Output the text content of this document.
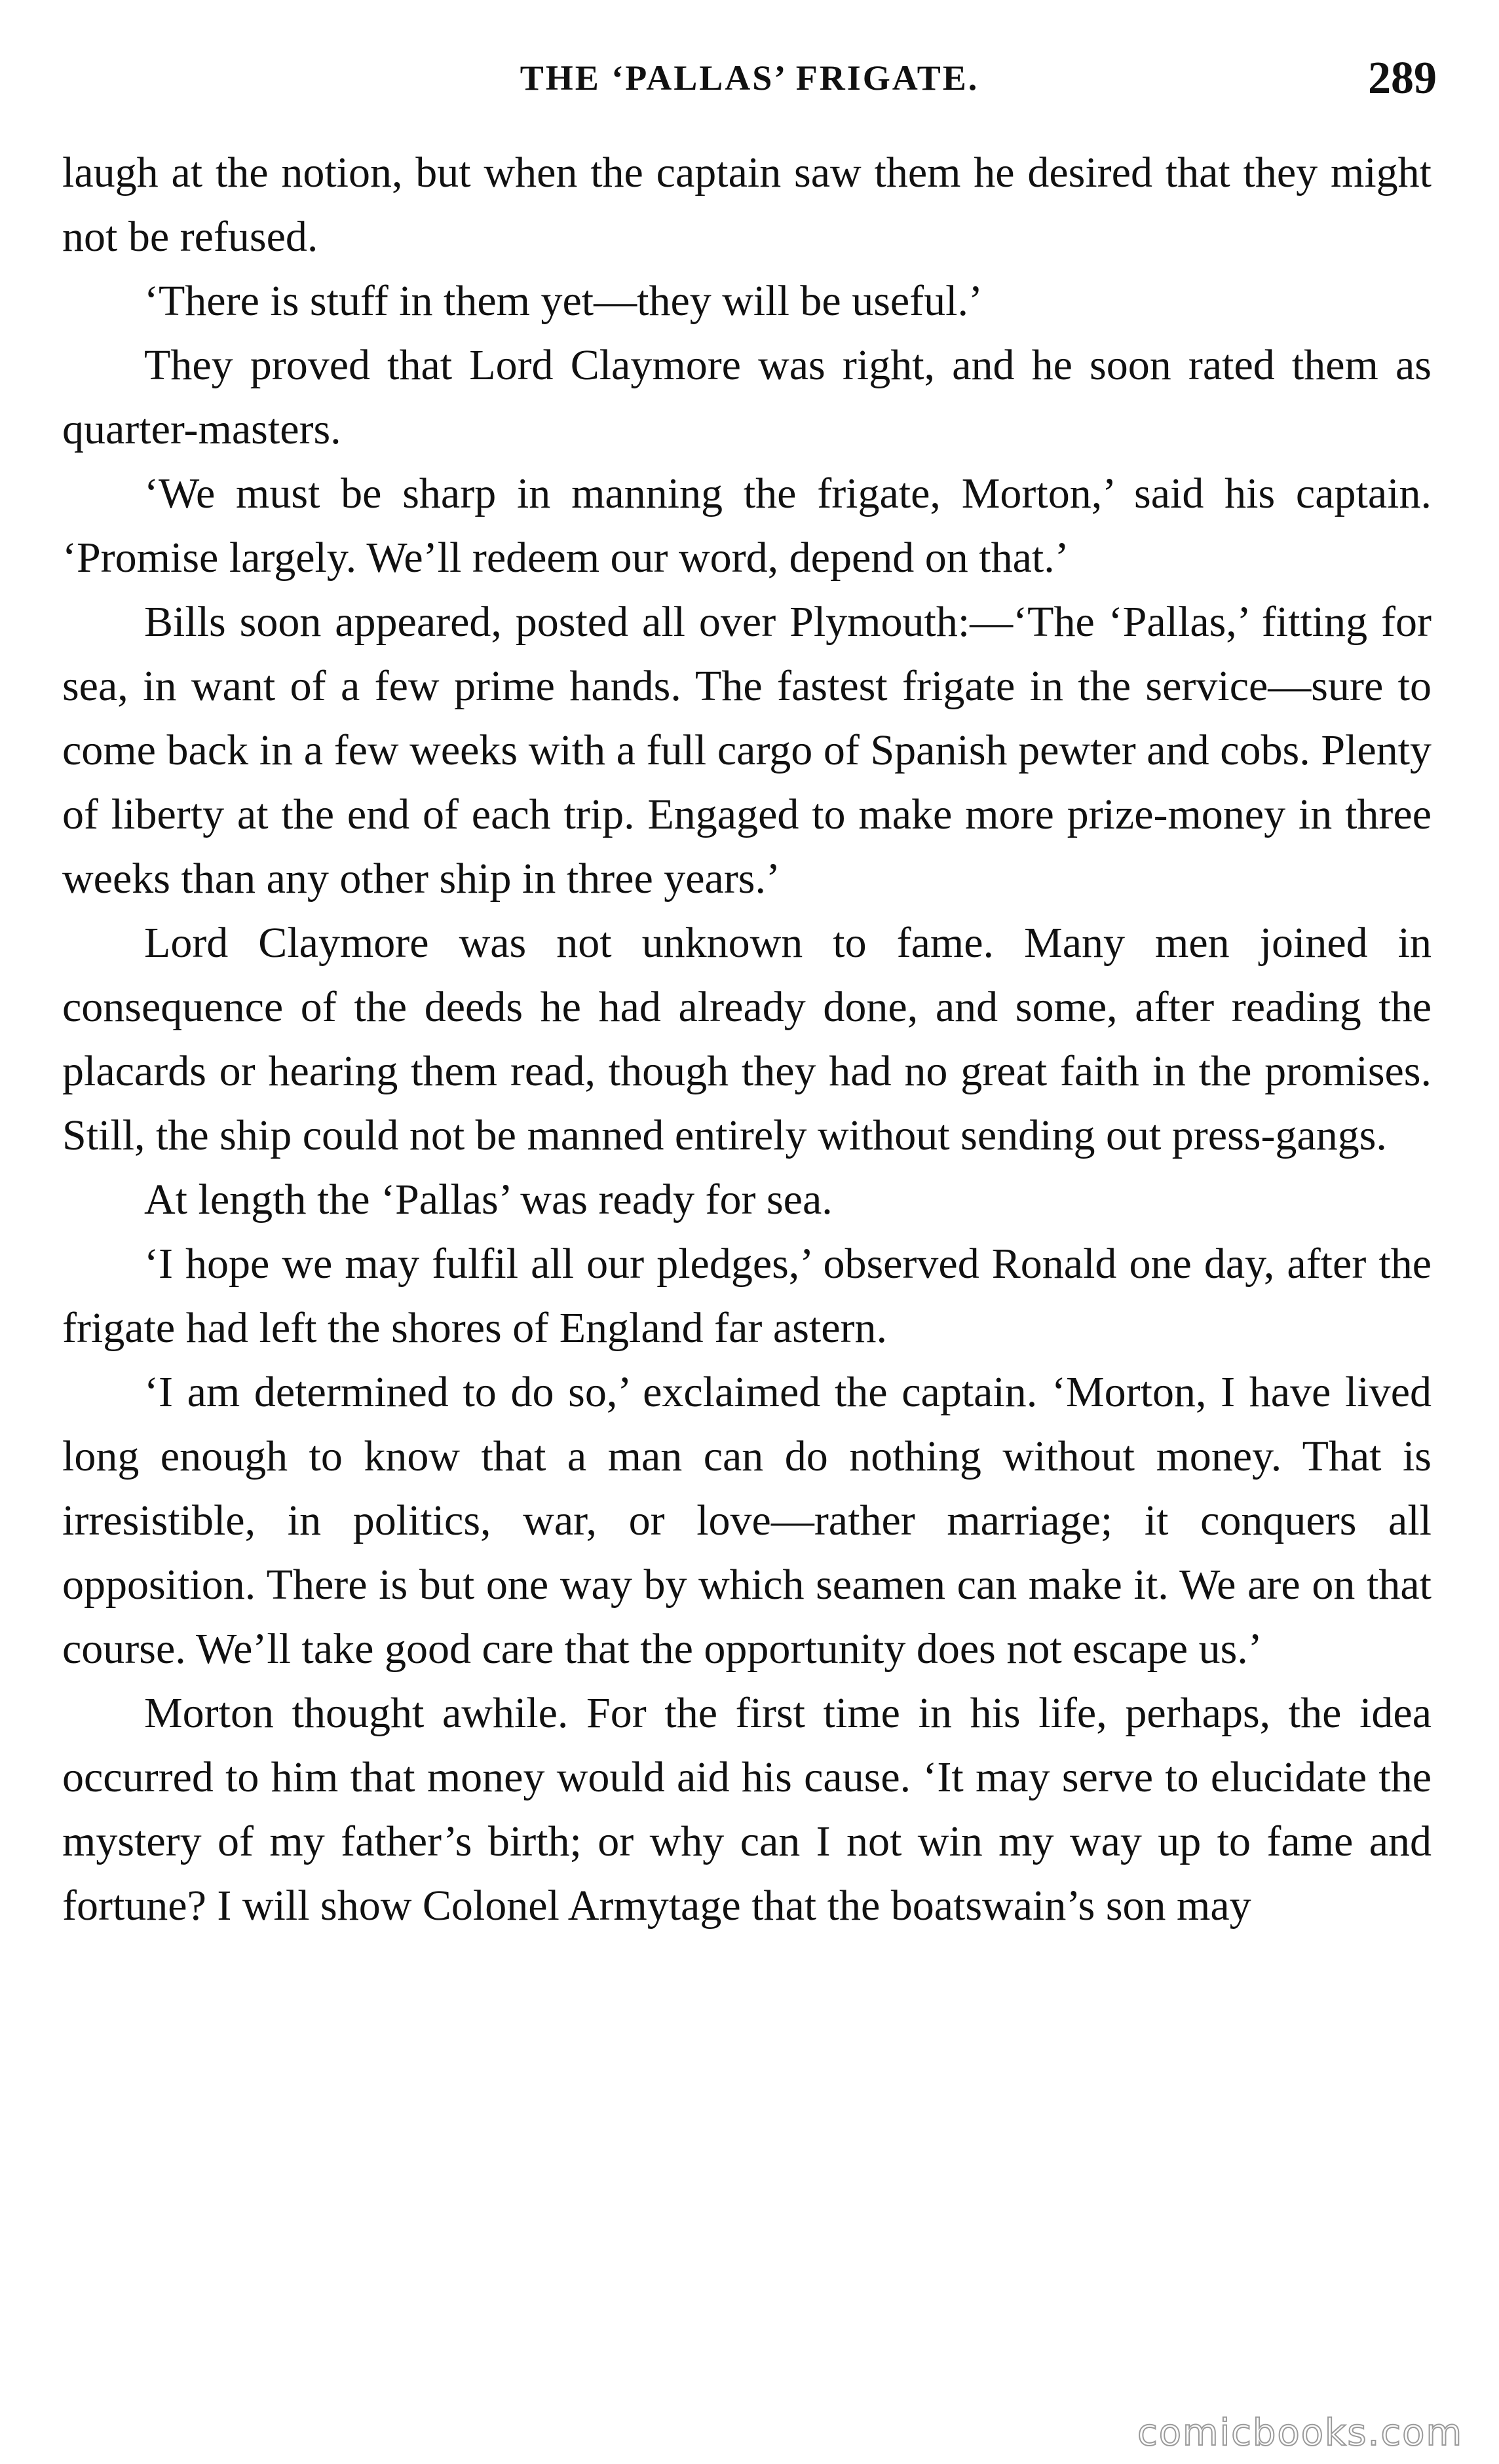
THE ‘PALLAS’ FRIGATE.	289

laugh at the notion, but when the captain saw them he desired that they might not be refused.

‘There is stuff in them yet—they will be useful.’

They proved that Lord Claymore was right, and he soon rated them as quarter-masters.

‘We must be sharp in manning the frigate, Morton,’ said his captain. ‘Promise largely. We’ll redeem our word, depend on that.’

Bills soon appeared, posted all over Plymouth:—‘The ‘Pallas,’ fitting for sea, in want of a few prime hands. The fastest frigate in the service—sure to come back in a few weeks with a full cargo of Spanish pewter and cobs. Plenty of liberty at the end of each trip. Engaged to make more prize-money in three weeks than any other ship in three years.’

Lord Claymore was not unknown to fame. Many men joined in consequence of the deeds he had already done, and some, after reading the placards or hearing them read, though they had no great faith in the promises. Still, the ship could not be manned entirely without sending out press-gangs.

At length the ‘Pallas’ was ready for sea.

‘I hope we may fulfil all our pledges,’ observed Ronald one day, after the frigate had left the shores of England far astern.

‘I am determined to do so,’ exclaimed the captain. ‘Morton, I have lived long enough to know that a man can do nothing without money. That is irresistible, in politics, war, or love—rather marriage; it conquers all opposition. There is but one way by which seamen can make it. We are on that course. We’ll take good care that the opportunity does not escape us.’

Morton thought awhile. For the first time in his life, perhaps, the idea occurred to him that money would aid his cause. ‘It may serve to elucidate the mystery of my father’s birth; or why can I not win my way up to fame and fortune? I will show Colonel Armytage that the boatswain’s son may

comicbooks.com
